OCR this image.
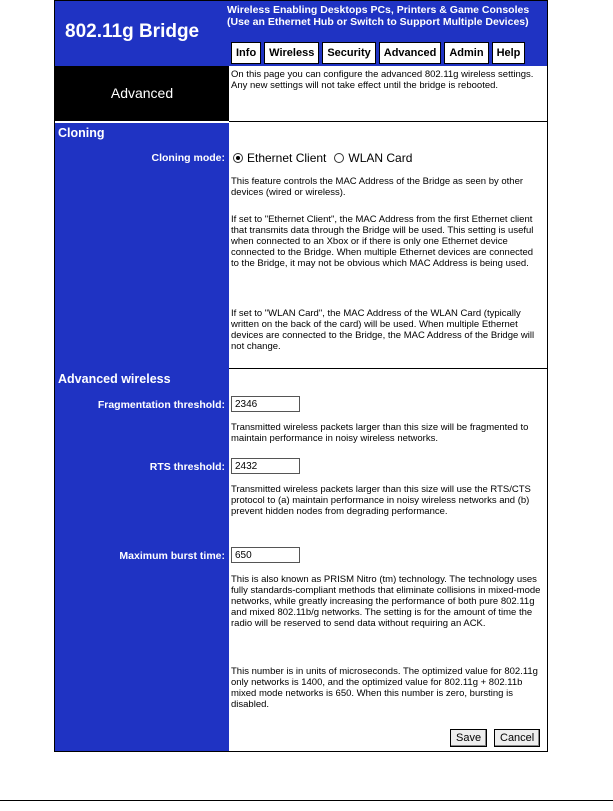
802.11g Bridge
Wireless Enabling Desktops PCs, Printers & Game Consoles
(Use an Ethernet Hub or Switch to Support Multiple Devices)
Info	Wireless	Security	Advanced	Admin	Help
Advanced
On this page you can configure the advanced 802.11g wireless settings. Any new settings will not take effect until the bridge is rebooted.
Cloning
Cloning mode: Ethernet Client WLAN Card
This feature controls the MAC Address of the Bridge as seen by other devices (wired or wireless).
If set to "Ethernet Client", the MAC Address from the first Ethernet client that transmits data through the Bridge will be used. This setting is useful when connected to an Xbox or if there is only one Ethernet device connected to the Bridge. When multiple Ethernet devices are connected to the Bridge, it may not be obvious which MAC Address is being used.
If set to "WLAN Card", the MAC Address of the WLAN Card (typically written on the back of the card) will be used. When multiple Ethernet devices are connected to the Bridge, the MAC Address of the Bridge will not change.
Advanced wireless
Fragmentation threshold:
2346
Transmitted wireless packets larger than this size will be fragmented to maintain performance in noisy wireless networks.
RTS threshold:
2432
Transmitted wireless packets larger than this size will use the RTS/CTS protocol to (a) maintain performance in noisy wireless networks and (b) prevent hidden nodes from degrading performance.
Maximum burst time:
650
This is also known as PRISM Nitro (tm) technology. The technology uses fully standards-compliant methods that eliminate collisions in mixed-mode networks, while greatly increasing the performance of both pure 802.11g and mixed 802.11b/g networks. The setting is for the amount of time the radio will be reserved to send data without requiring an ACK.
This number is in units of microseconds. The optimized value for 802.11g only networks is 1400, and the optimized value for 802.11g + 802.11b mixed mode networks is 650. When this number is zero, bursting is disabled.
Save	Cancel
